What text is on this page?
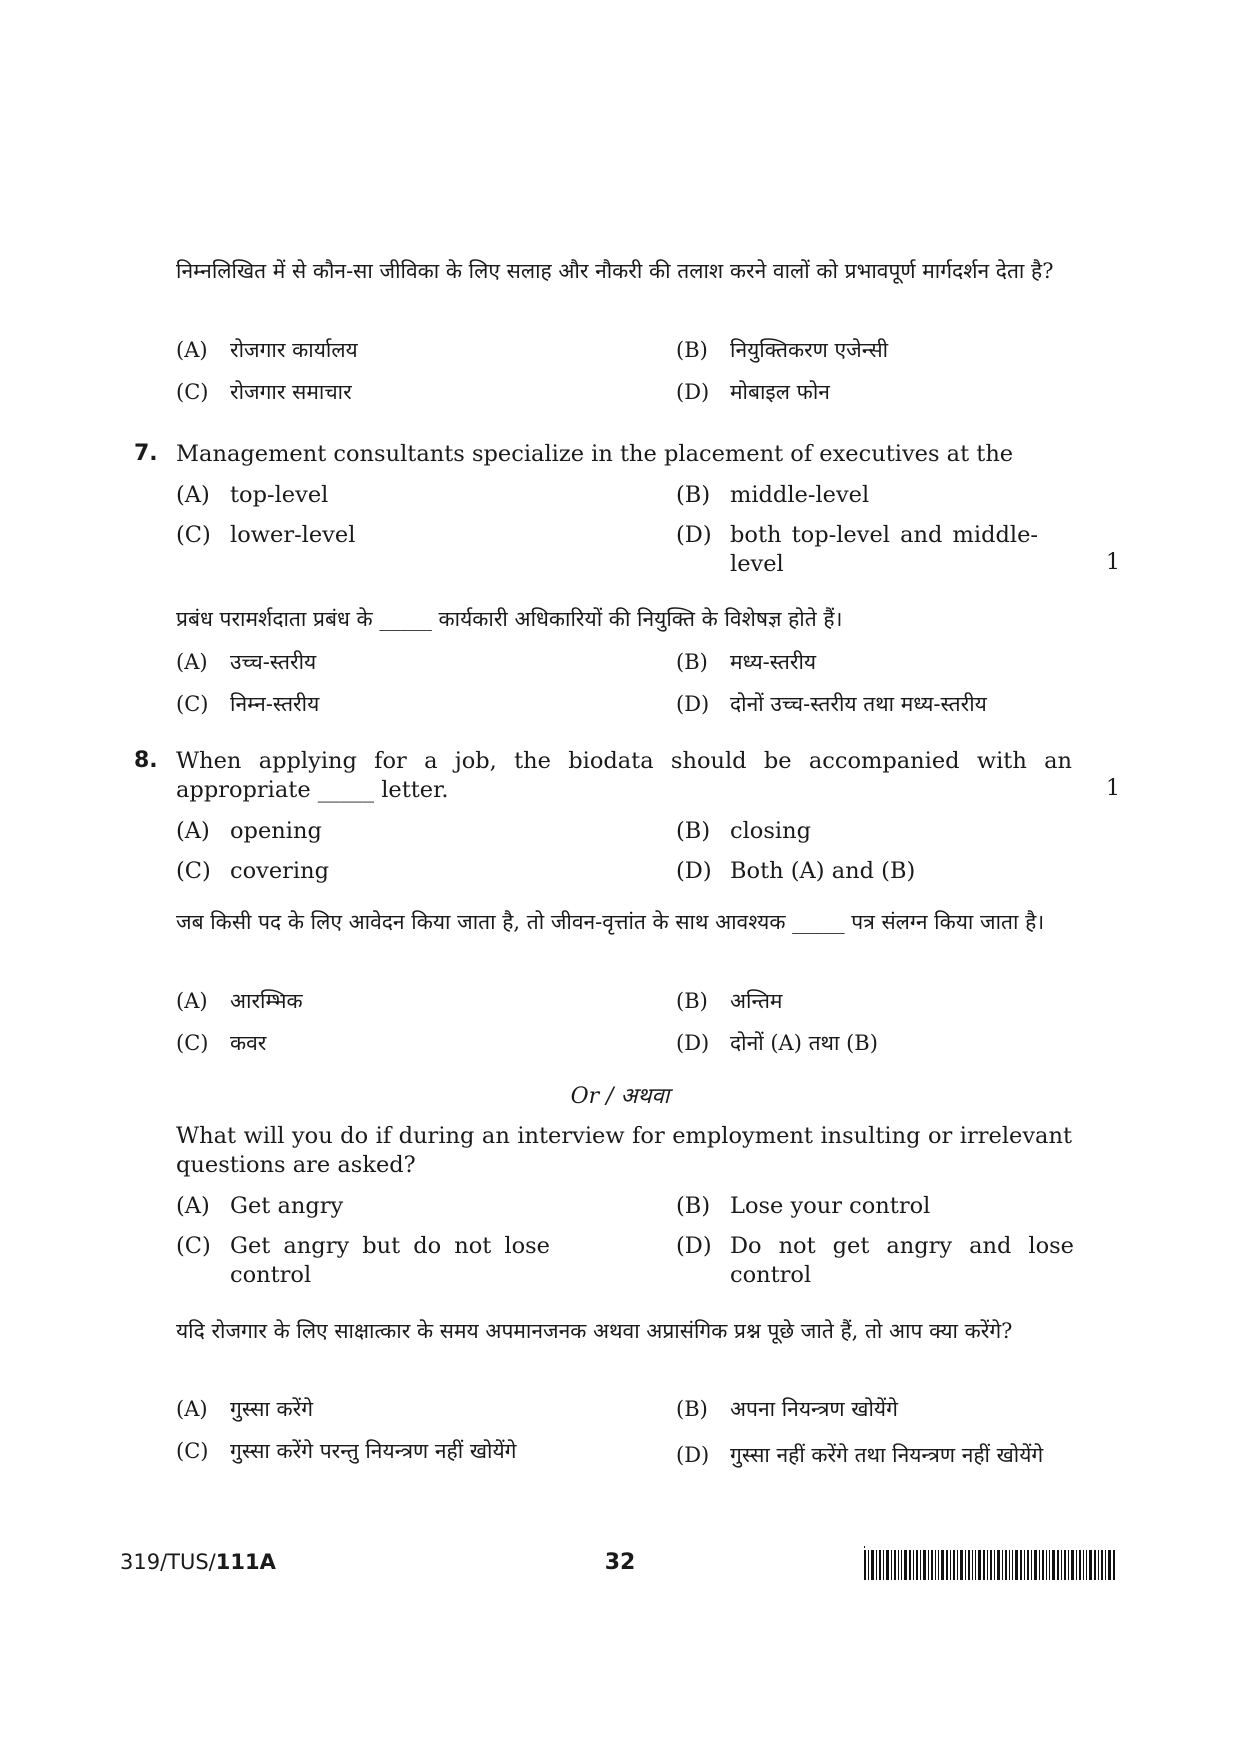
निम्नलिखित में से कौन-सा जीविका के लिए सलाह और नौकरी की तलाश करने वालों को प्रभावपूर्ण मार्गदर्शन देता है?
(A) रोजगार कार्यालय	(B) नियुक्तिकरण एजेन्सी
(C) रोजगार समाचार	(D) मोबाइल फोन
7. Management consultants specialize in the placement of executives at the
(A) top-level	(B) middle-level
(C) lower-level	(D) both top-level and middle-level	1
प्रबंध परामर्शदाता प्रबंध के _____ कार्यकारी अधिकारियों की नियुक्ति के विशेषज्ञ होते हैं।
(A) उच्च-स्तरीय	(B) मध्य-स्तरीय
(C) निम्न-स्तरीय	(D) दोनों उच्च-स्तरीय तथा मध्य-स्तरीय
8. When applying for a job, the biodata should be accompanied with an appropriate _____ letter.	1
(A) opening	(B) closing
(C) covering	(D) Both (A) and (B)
जब किसी पद के लिए आवेदन किया जाता है, तो जीवन-वृत्तांत के साथ आवश्यक _____ पत्र संलग्न किया जाता है।
(A) आरम्भिक	(B) अन्तिम
(C) कवर	(D) दोनों (A) तथा (B)
Or / अथवा
What will you do if during an interview for employment insulting or irrelevant questions are asked?
(A) Get angry	(B) Lose your control
(C) Get angry but do not lose control
(D) Do not get angry and lose control
यदि रोजगार के लिए साक्षात्कार के समय अपमानजनक अथवा अप्रासंगिक प्रश्न पूछे जाते हैं, तो आप क्या करेंगे?
(A) गुस्सा करेंगे	(B) अपना नियन्त्रण खोयेंगे
(C) गुस्सा करेंगे परन्तु नियन्त्रण नहीं खोयेंगे	(D) गुस्सा नहीं करेंगे तथा नियन्त्रण नहीं खोयेंगे
319/TUS/111A	32
